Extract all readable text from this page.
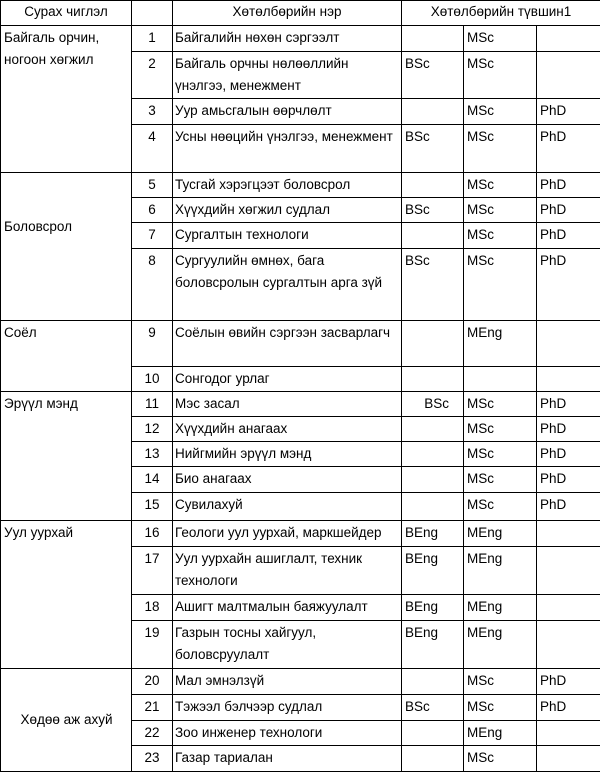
Сурах чиглэл		Хөтөлбөрийн нэр	Хөтөлбөрийн түвшин1		
Байгаль орчин, ногоон хөгжил	1	Байгалийн нөхөн сэргээлт		MSc	
	2	Байгаль орчны нөлөөллийн үнэлгээ, менежмент	BSc	MSc	
	3	Уур амьсгалын өөрчлөлт		MSc	PhD
	4	Усны нөөцийн үнэлгээ, менежмент	BSc	MSc	PhD
Боловсрол	5	Тусгай хэрэгцээт боловсрол		MSc	PhD
	6	Хүүхдийн хөгжил судлал	BSc	MSc	PhD
	7	Сургалтын технологи		MSc	PhD
	8	Сургуулийн өмнөх, бага боловсролын сургалтын арга зүй	BSc	MSc	PhD
Соёл	9	Соёлын өвийн сэргээн засварлагч		MEng	
	10	Сонгодог урлаг			
Эрүүл мэнд	11	Мэс засал	BSc	MSc	PhD
	12	Хүүхдийн анагаах		MSc	PhD
	13	Нийгмийн эрүүл мэнд		MSc	PhD
	14	Био анагаах		MSc	PhD
	15	Сувилахуй		MSc	PhD
Уул уурхай	16	Геологи уул уурхай, маркшейдер	BEng	MEng	
	17	Уул уурхайн ашиглалт, техник технологи	BEng	MEng	
	18	Ашигт малтмалын баяжуулалт	BEng	MEng	
	19	Газрын тосны хайгуул, боловсруулалт	BEng	MEng	
Хөдөө аж ахуй	20	Мал эмнэлзүй		MSc	PhD
	21	Тэжээл бэлчээр судлал	BSc	MSc	PhD
	22	Зоо инженер технологи		MEng	
	23	Газар тариалан		MSc	
